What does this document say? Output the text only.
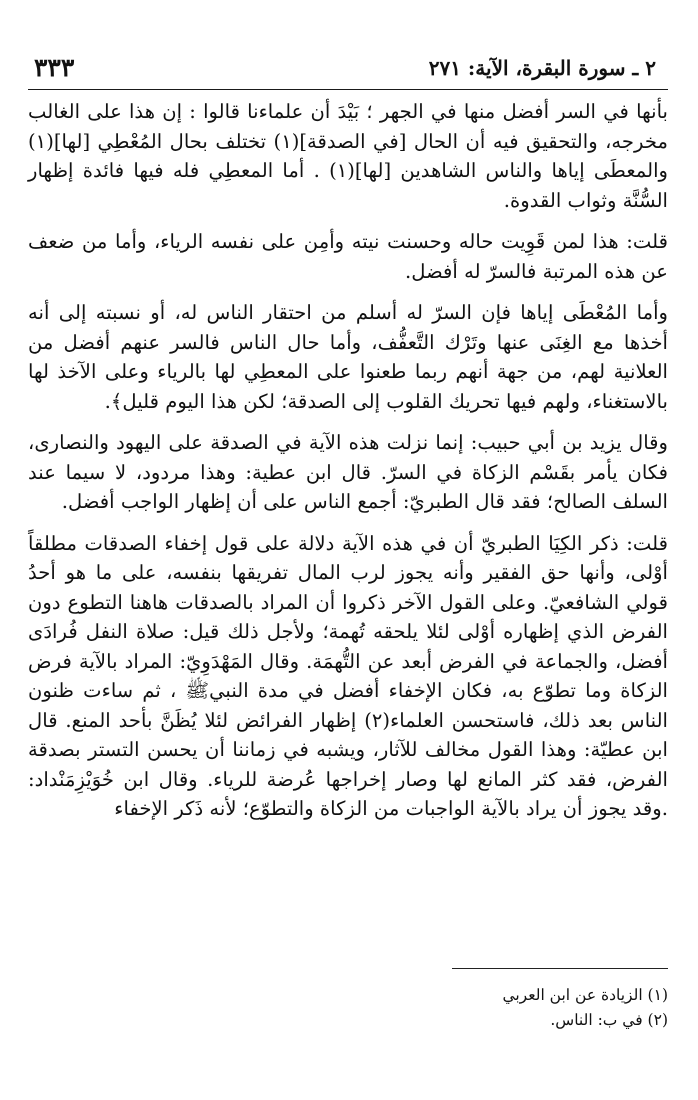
٢ ـ سورة البقرة، الآية: ٢٧١
٣٣٣

بأنها في السر أفضل منها في الجهر ؛ بَيْدَ أن علماءنا قالوا : إن هذا على الغالب مخرجه، والتحقيق فيه أن الحال [في الصدقة](١) تختلف بحال المُعْطِي [لها](١) والمعطَى إياها والناس الشاهدين [لها](١) . أما المعطِي فله فيها فائدة إظهار السُّنَّة وثواب القدوة.

قلت: هذا لمن قَوِيت حاله وحسنت نيته وأمِن على نفسه الرياء، وأما من ضعف عن هذه المرتبة فالسرّ له أفضل.

وأما المُعْطَى إياها فإن السرّ له أسلم من احتقار الناس له، أو نسبته إلى أنه أخذها مع الغِنَى عنها وتَرْك التَّعفُّف، وأما حال الناس فالسر عنهم أفضل من العلانية لهم، من جهة أنهم ربما طعنوا على المعطِي لها بالرياء وعلى الآخذ لها بالاستغناء، ولهم فيها تحريك القلوب إلى الصدقة؛ لكن هذا اليوم قليل﴾.

وقال يزيد بن أبي حبيب: إنما نزلت هذه الآية في الصدقة على اليهود والنصارى، فكان يأمر بقَسْم الزكاة في السرّ. قال ابن عطية: وهذا مردود، لا سيما عند السلف الصالح؛ فقد قال الطبريّ: أجمع الناس على أن إظهار الواجب أفضل.

قلت: ذكر الكِيَا الطبريّ أن في هذه الآية دلالة على قول إخفاء الصدقات مطلقاً أوْلى، وأنها حق الفقير وأنه يجوز لرب المال تفريقها بنفسه، على ما هو أحدُ قولي الشافعيّ. وعلى القول الآخر ذكروا أن المراد بالصدقات هاهنا التطوع دون الفرض الذي إظهاره أوْلى لئلا يلحقه تُهمة؛ ولأجل ذلك قيل: صلاة النفل فُرادَى أفضل، والجماعة في الفرض أبعد عن التُّهمَة. وقال المَهْدَوِيّ: المراد بالآية فرض الزكاة وما تطوّع به، فكان الإخفاء أفضل في مدة النبيﷺ ، ثم ساءت ظنون الناس بعد ذلك، فاستحسن العلماء(٢) إظهار الفرائض لئلا يُظَنَّ بأحد المنع. قال ابن عطيّة: وهذا القول مخالف للآثار، ويشبه في زماننا أن يحسن التستر بصدقة الفرض، فقد كثر المانع لها وصار إخراجها عُرضة للرياء. وقال ابن خُوَيْزِمَنْداد: .وقد يجوز أن يراد بالآية الواجبات من الزكاة والتطوّع؛ لأنه ذَكر الإخفاء

(١) الزيادة عن ابن العربي

(٢) في ب: الناس.
